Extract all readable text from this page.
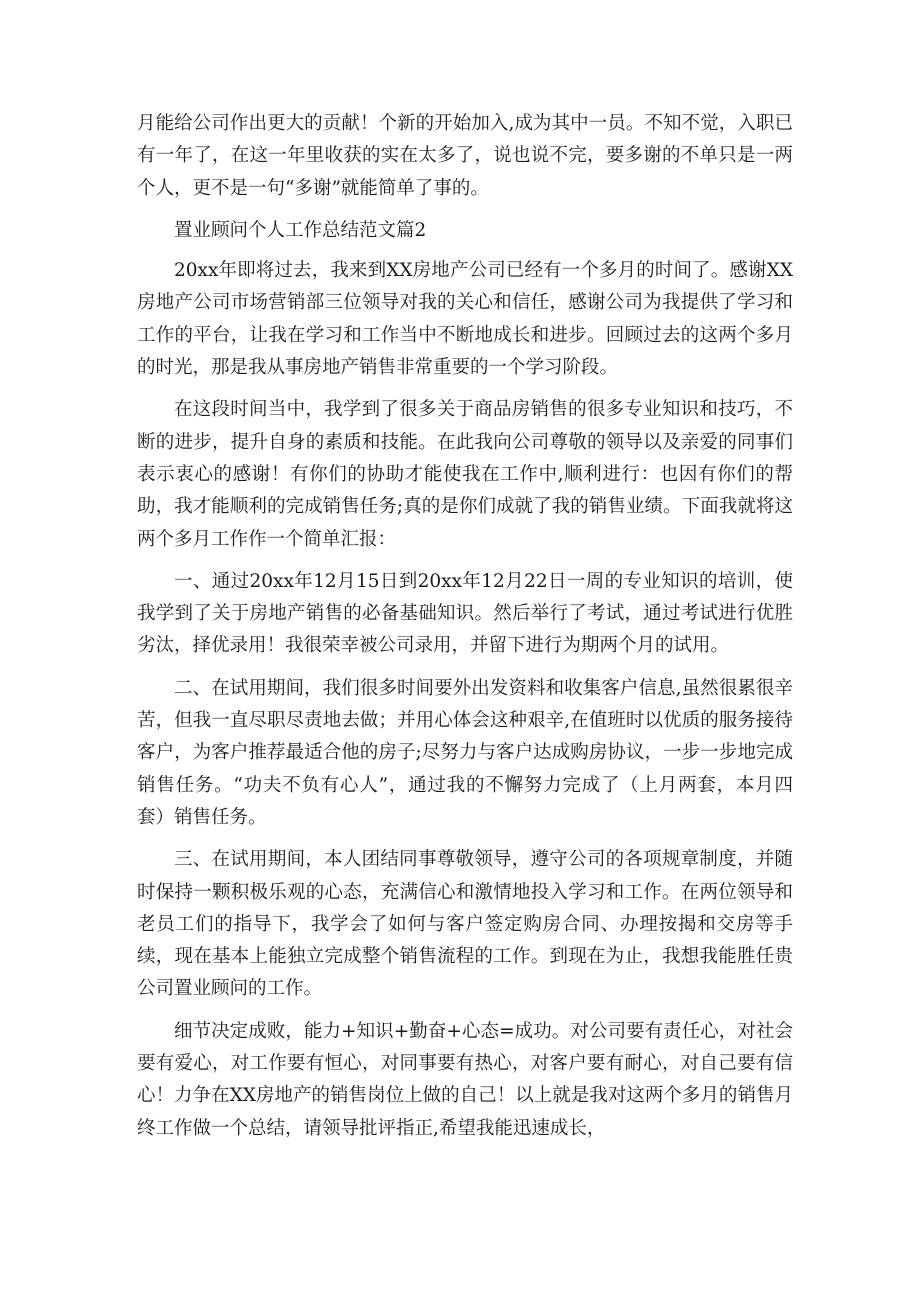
月能给公司作出更大的贡献！个新的开始加入,成为其中一员。不知不觉，入职已有一年了，在这一年里收获的实在太多了，说也说不完，要多谢的不单只是一两个人，更不是一句“多谢”就能简单了事的。

置业顾问个人工作总结范文篇2

20xx年即将过去，我来到XX房地产公司已经有一个多月的时间了。感谢XX房地产公司市场营销部三位领导对我的关心和信任，感谢公司为我提供了学习和工作的平台，让我在学习和工作当中不断地成长和进步。回顾过去的这两个多月的时光，那是我从事房地产销售非常重要的一个学习阶段。

在这段时间当中，我学到了很多关于商品房销售的很多专业知识和技巧，不断的进步，提升自身的素质和技能。在此我向公司尊敬的领导以及亲爱的同事们表示衷心的感谢！有你们的协助才能使我在工作中,顺利进行：也因有你们的帮助，我才能顺利的完成销售任务;真的是你们成就了我的销售业绩。下面我就将这两个多月工作作一个简单汇报：

一、通过20xx年12月15日到20xx年12月22日一周的专业知识的培训，使我学到了关于房地产销售的必备基础知识。然后举行了考试，通过考试进行优胜劣汰，择优录用！我很荣幸被公司录用，并留下进行为期两个月的试用。

二、在试用期间，我们很多时间要外出发资料和收集客户信息,虽然很累很辛苦，但我一直尽职尽责地去做；并用心体会这种艰辛,在值班时以优质的服务接待客户，为客户推荐最适合他的房子;尽努力与客户达成购房协议，一步一步地完成销售任务。“功夫不负有心人”，通过我的不懈努力完成了（上月两套，本月四套）销售任务。

三、在试用期间，本人团结同事尊敬领导，遵守公司的各项规章制度，并随时保持一颗积极乐观的心态，充满信心和激情地投入学习和工作。在两位领导和老员工们的指导下，我学会了如何与客户签定购房合同、办理按揭和交房等手续，现在基本上能独立完成整个销售流程的工作。到现在为止，我想我能胜任贵公司置业顾问的工作。

细节决定成败，能力+知识+勤奋+心态=成功。对公司要有责任心，对社会要有爱心，对工作要有恒心，对同事要有热心，对客户要有耐心，对自己要有信心！力争在XX房地产的销售岗位上做的自己！以上就是我对这两个多月的销售月终工作做一个总结，请领导批评指正,希望我能迅速成长，
